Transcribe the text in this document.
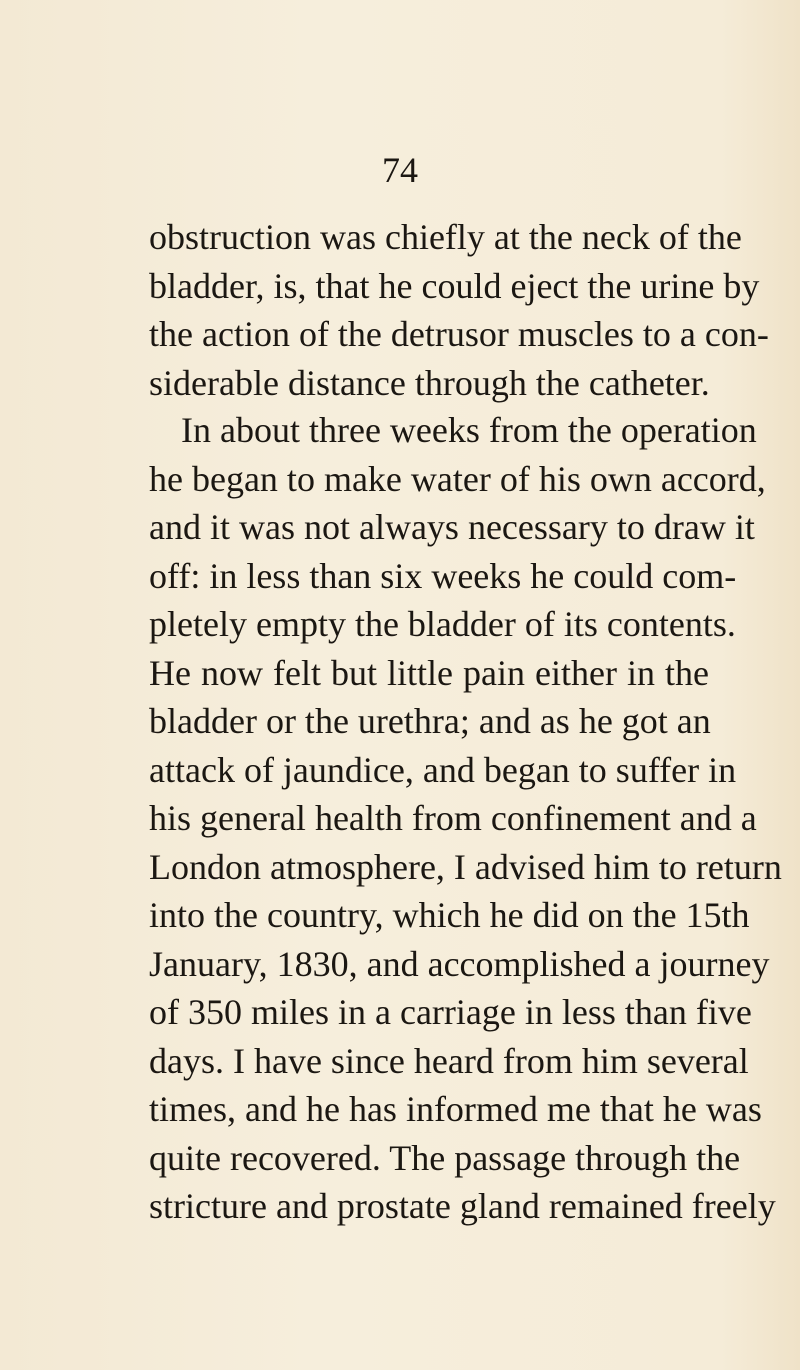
74
obstruction was chiefly at the neck of the
bladder, is, that he could eject the urine by
the action of the detrusor muscles to a con-
siderable distance through the catheter.
In about three weeks from the operation
he began to make water of his own accord,
and it was not always necessary to draw it
off: in less than six weeks he could com-
pletely empty the bladder of its contents.
He now felt but little pain either in the
bladder or the urethra; and as he got an
attack of jaundice, and began to suffer in
his general health from confinement and a
London atmosphere, I advised him to return
into the country, which he did on the 15th
January, 1830, and accomplished a journey
of 350 miles in a carriage in less than five
days. I have since heard from him several
times, and he has informed me that he was
quite recovered. The passage through the
stricture and prostate gland remained freely
